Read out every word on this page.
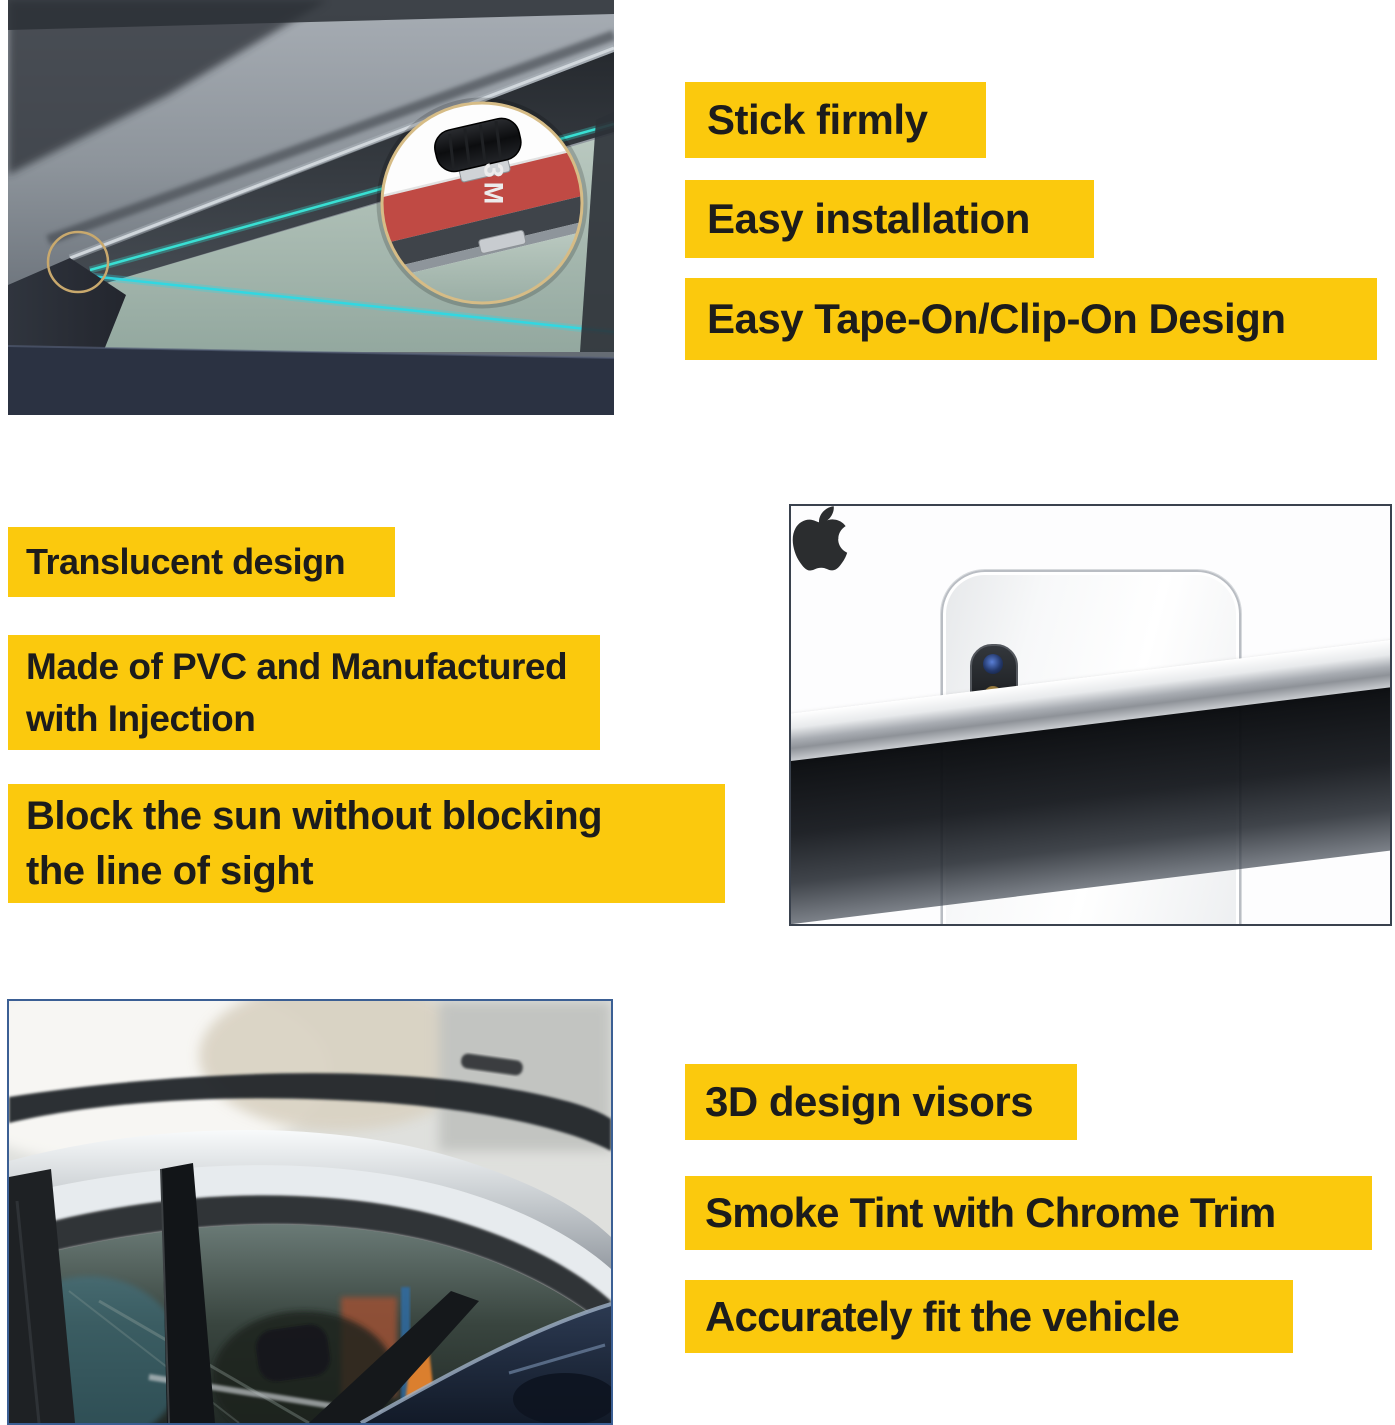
3M
Stick firmly
Easy installation
Easy Tape-On/Clip-On Design
Translucent design
Made of PVC and Manufactured
with Injection
Block the sun without blocking
the line of sight
3D design visors
Smoke Tint with Chrome Trim
Accurately fit the vehicle
